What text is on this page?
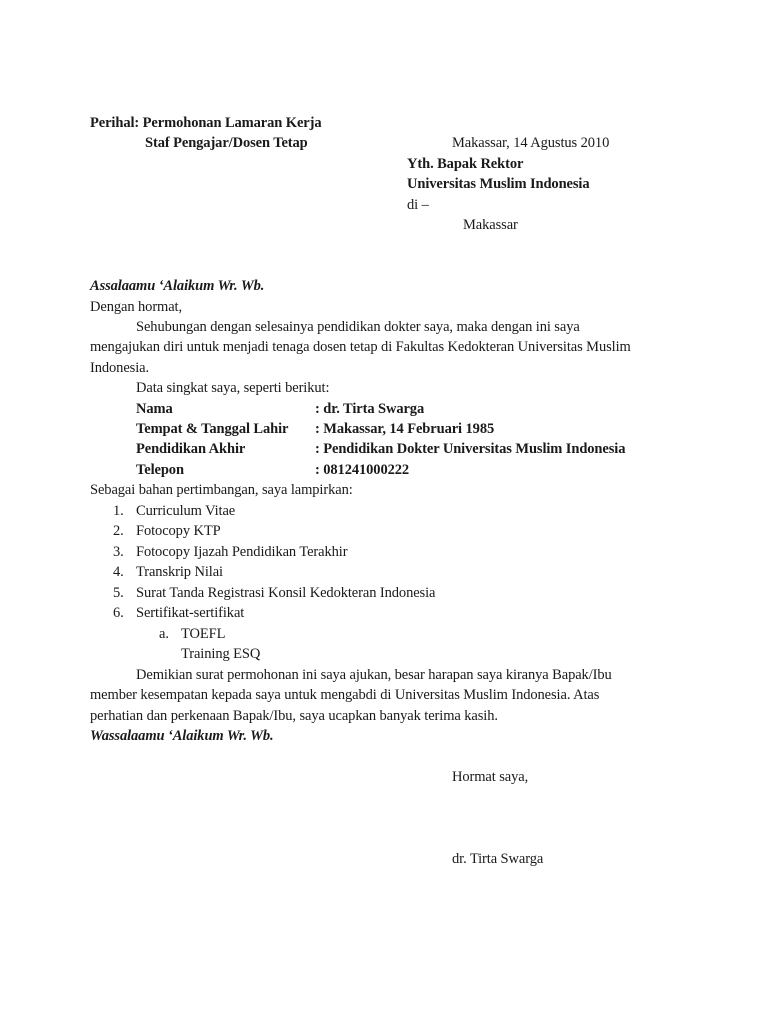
Perihal: Permohonan Lamaran Kerja
Staf Pengajar/Dosen Tetap	Makassar, 14 Agustus 2010
Yth. Bapak Rektor
Universitas Muslim Indonesia
di –
Makassar
Assalaamu ‘Alaikum Wr. Wb.
Dengan hormat,
Sehubungan dengan selesainya pendidikan dokter saya, maka dengan ini saya
mengajukan diri untuk menjadi tenaga dosen tetap di Fakultas Kedokteran Universitas Muslim
Indonesia.
Data singkat saya, seperti berikut:
Nama	: dr. Tirta Swarga
Tempat & Tanggal Lahir : Makassar, 14 Februari 1985
Pendidikan Akhir	: Pendidikan Dokter Universitas Muslim Indonesia
Telepon	: 081241000222
Sebagai bahan pertimbangan, saya lampirkan:
1. Curriculum Vitae
2. Fotocopy KTP
3. Fotocopy Ijazah Pendidikan Terakhir
4. Transkrip Nilai
5. Surat Tanda Registrasi Konsil Kedokteran Indonesia
6. Sertifikat-sertifikat
a. TOEFL
Training ESQ
Demikian surat permohonan ini saya ajukan, besar harapan saya kiranya Bapak/Ibu
member kesempatan kepada saya untuk mengabdi di Universitas Muslim Indonesia. Atas
perhatian dan perkenaan Bapak/Ibu, saya ucapkan banyak terima kasih.
Wassalaamu ‘Alaikum Wr. Wb.
Hormat saya,
dr. Tirta Swarga
